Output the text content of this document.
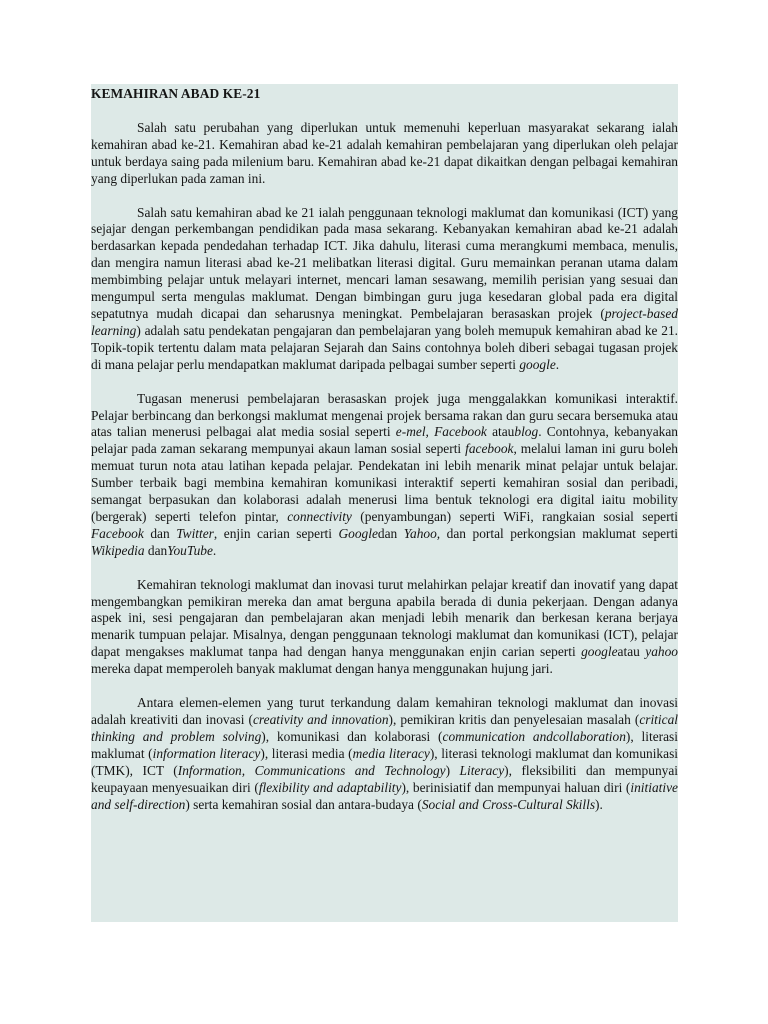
KEMAHIRAN ABAD KE-21

Salah satu perubahan yang diperlukan untuk memenuhi keperluan masyarakat sekarang ialah kemahiran abad ke-21. Kemahiran abad ke-21 adalah kemahiran pembelajaran yang diperlukan oleh pelajar untuk berdaya saing pada milenium baru. Kemahiran abad ke-21 dapat dikaitkan dengan pelbagai kemahiran yang diperlukan pada zaman ini.

Salah satu kemahiran abad ke 21 ialah penggunaan teknologi maklumat dan komunikasi (ICT) yang sejajar dengan perkembangan pendidikan pada masa sekarang. Kebanyakan kemahiran abad ke-21 adalah berdasarkan kepada pendedahan terhadap ICT. Jika dahulu, literasi cuma merangkumi membaca, menulis, dan mengira namun literasi abad ke-21 melibatkan literasi digital. Guru memainkan peranan utama dalam membimbing pelajar untuk melayari internet, mencari laman sesawang, memilih perisian yang sesuai dan mengumpul serta mengulas maklumat. Dengan bimbingan guru juga kesedaran global pada era digital sepatutnya mudah dicapai dan seharusnya meningkat. Pembelajaran berasaskan projek (project-based learning) adalah satu pendekatan pengajaran dan pembelajaran yang boleh memupuk kemahiran abad ke 21. Topik-topik tertentu dalam mata pelajaran Sejarah dan Sains contohnya boleh diberi sebagai tugasan projek di mana pelajar perlu mendapatkan maklumat daripada pelbagai sumber seperti google.

Tugasan menerusi pembelajaran berasaskan projek juga menggalakkan komunikasi interaktif. Pelajar berbincang dan berkongsi maklumat mengenai projek bersama rakan dan guru secara bersemuka atau atas talian menerusi pelbagai alat media sosial seperti e-mel, Facebook ataublog. Contohnya, kebanyakan pelajar pada zaman sekarang mempunyai akaun laman sosial seperti facebook, melalui laman ini guru boleh memuat turun nota atau latihan kepada pelajar. Pendekatan ini lebih menarik minat pelajar untuk belajar. Sumber terbaik bagi membina kemahiran komunikasi interaktif seperti kemahiran sosial dan peribadi, semangat berpasukan dan kolaborasi adalah menerusi lima bentuk teknologi era digital iaitu mobility (bergerak) seperti telefon pintar, connectivity (penyambungan) seperti WiFi, rangkaian sosial seperti Facebook dan Twitter, enjin carian seperti Googledan Yahoo, dan portal perkongsian maklumat seperti Wikipedia danYouTube.

Kemahiran teknologi maklumat dan inovasi turut melahirkan pelajar kreatif dan inovatif yang dapat mengembangkan pemikiran mereka dan amat berguna apabila berada di dunia pekerjaan. Dengan adanya aspek ini, sesi pengajaran dan pembelajaran akan menjadi lebih menarik dan berkesan kerana berjaya menarik tumpuan pelajar. Misalnya, dengan penggunaan teknologi maklumat dan komunikasi (ICT), pelajar dapat mengakses maklumat tanpa had dengan hanya menggunakan enjin carian seperti googleatau yahoo mereka dapat memperoleh banyak maklumat dengan hanya menggunakan hujung jari.

Antara elemen-elemen yang turut terkandung dalam kemahiran teknologi maklumat dan inovasi adalah kreativiti dan inovasi (creativity and innovation), pemikiran kritis dan penyelesaian masalah (critical thinking and problem solving), komunikasi dan kolaborasi (communication andcollaboration), literasi maklumat (information literacy), literasi media (media literacy), literasi teknologi maklumat dan komunikasi (TMK), ICT (Information, Communications and Technology) Literacy), fleksibiliti dan mempunyai keupayaan menyesuaikan diri (flexibility and adaptability), berinisiatif dan mempunyai haluan diri (initiative and self-direction) serta kemahiran sosial dan antara-budaya (Social and Cross-Cultural Skills).
